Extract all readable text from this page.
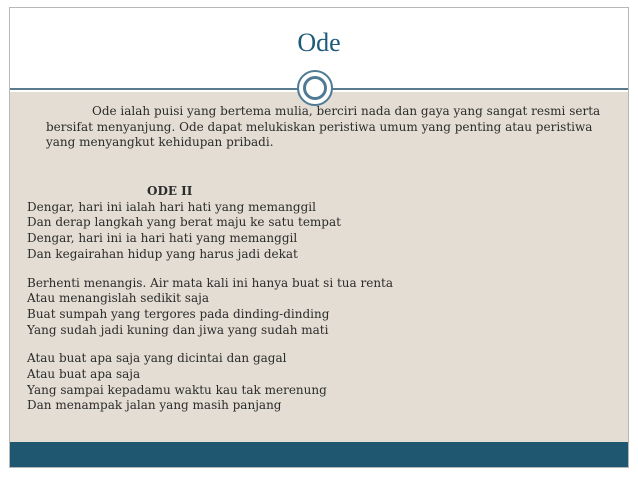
Ode
Ode ialah puisi yang bertema mulia, berciri nada dan gaya yang sangat resmi serta
bersifat menyanjung. Ode dapat melukiskan peristiwa umum yang penting atau peristiwa
yang menyangkut kehidupan pribadi.
ODE II
Dengar, hari ini ialah hari hati yang memanggil
Dan derap langkah yang berat maju ke satu tempat
Dengar, hari ini ia hari hati yang memanggil
Dan kegairahan hidup yang harus jadi dekat
Berhenti menangis. Air mata kali ini hanya buat si tua renta
Atau menangislah sedikit saja
Buat sumpah yang tergores pada dinding-dinding
Yang sudah jadi kuning dan jiwa yang sudah mati
Atau buat apa saja yang dicintai dan gagal
Atau buat apa saja
Yang sampai kepadamu waktu kau tak merenung
Dan menampak jalan yang masih panjang
